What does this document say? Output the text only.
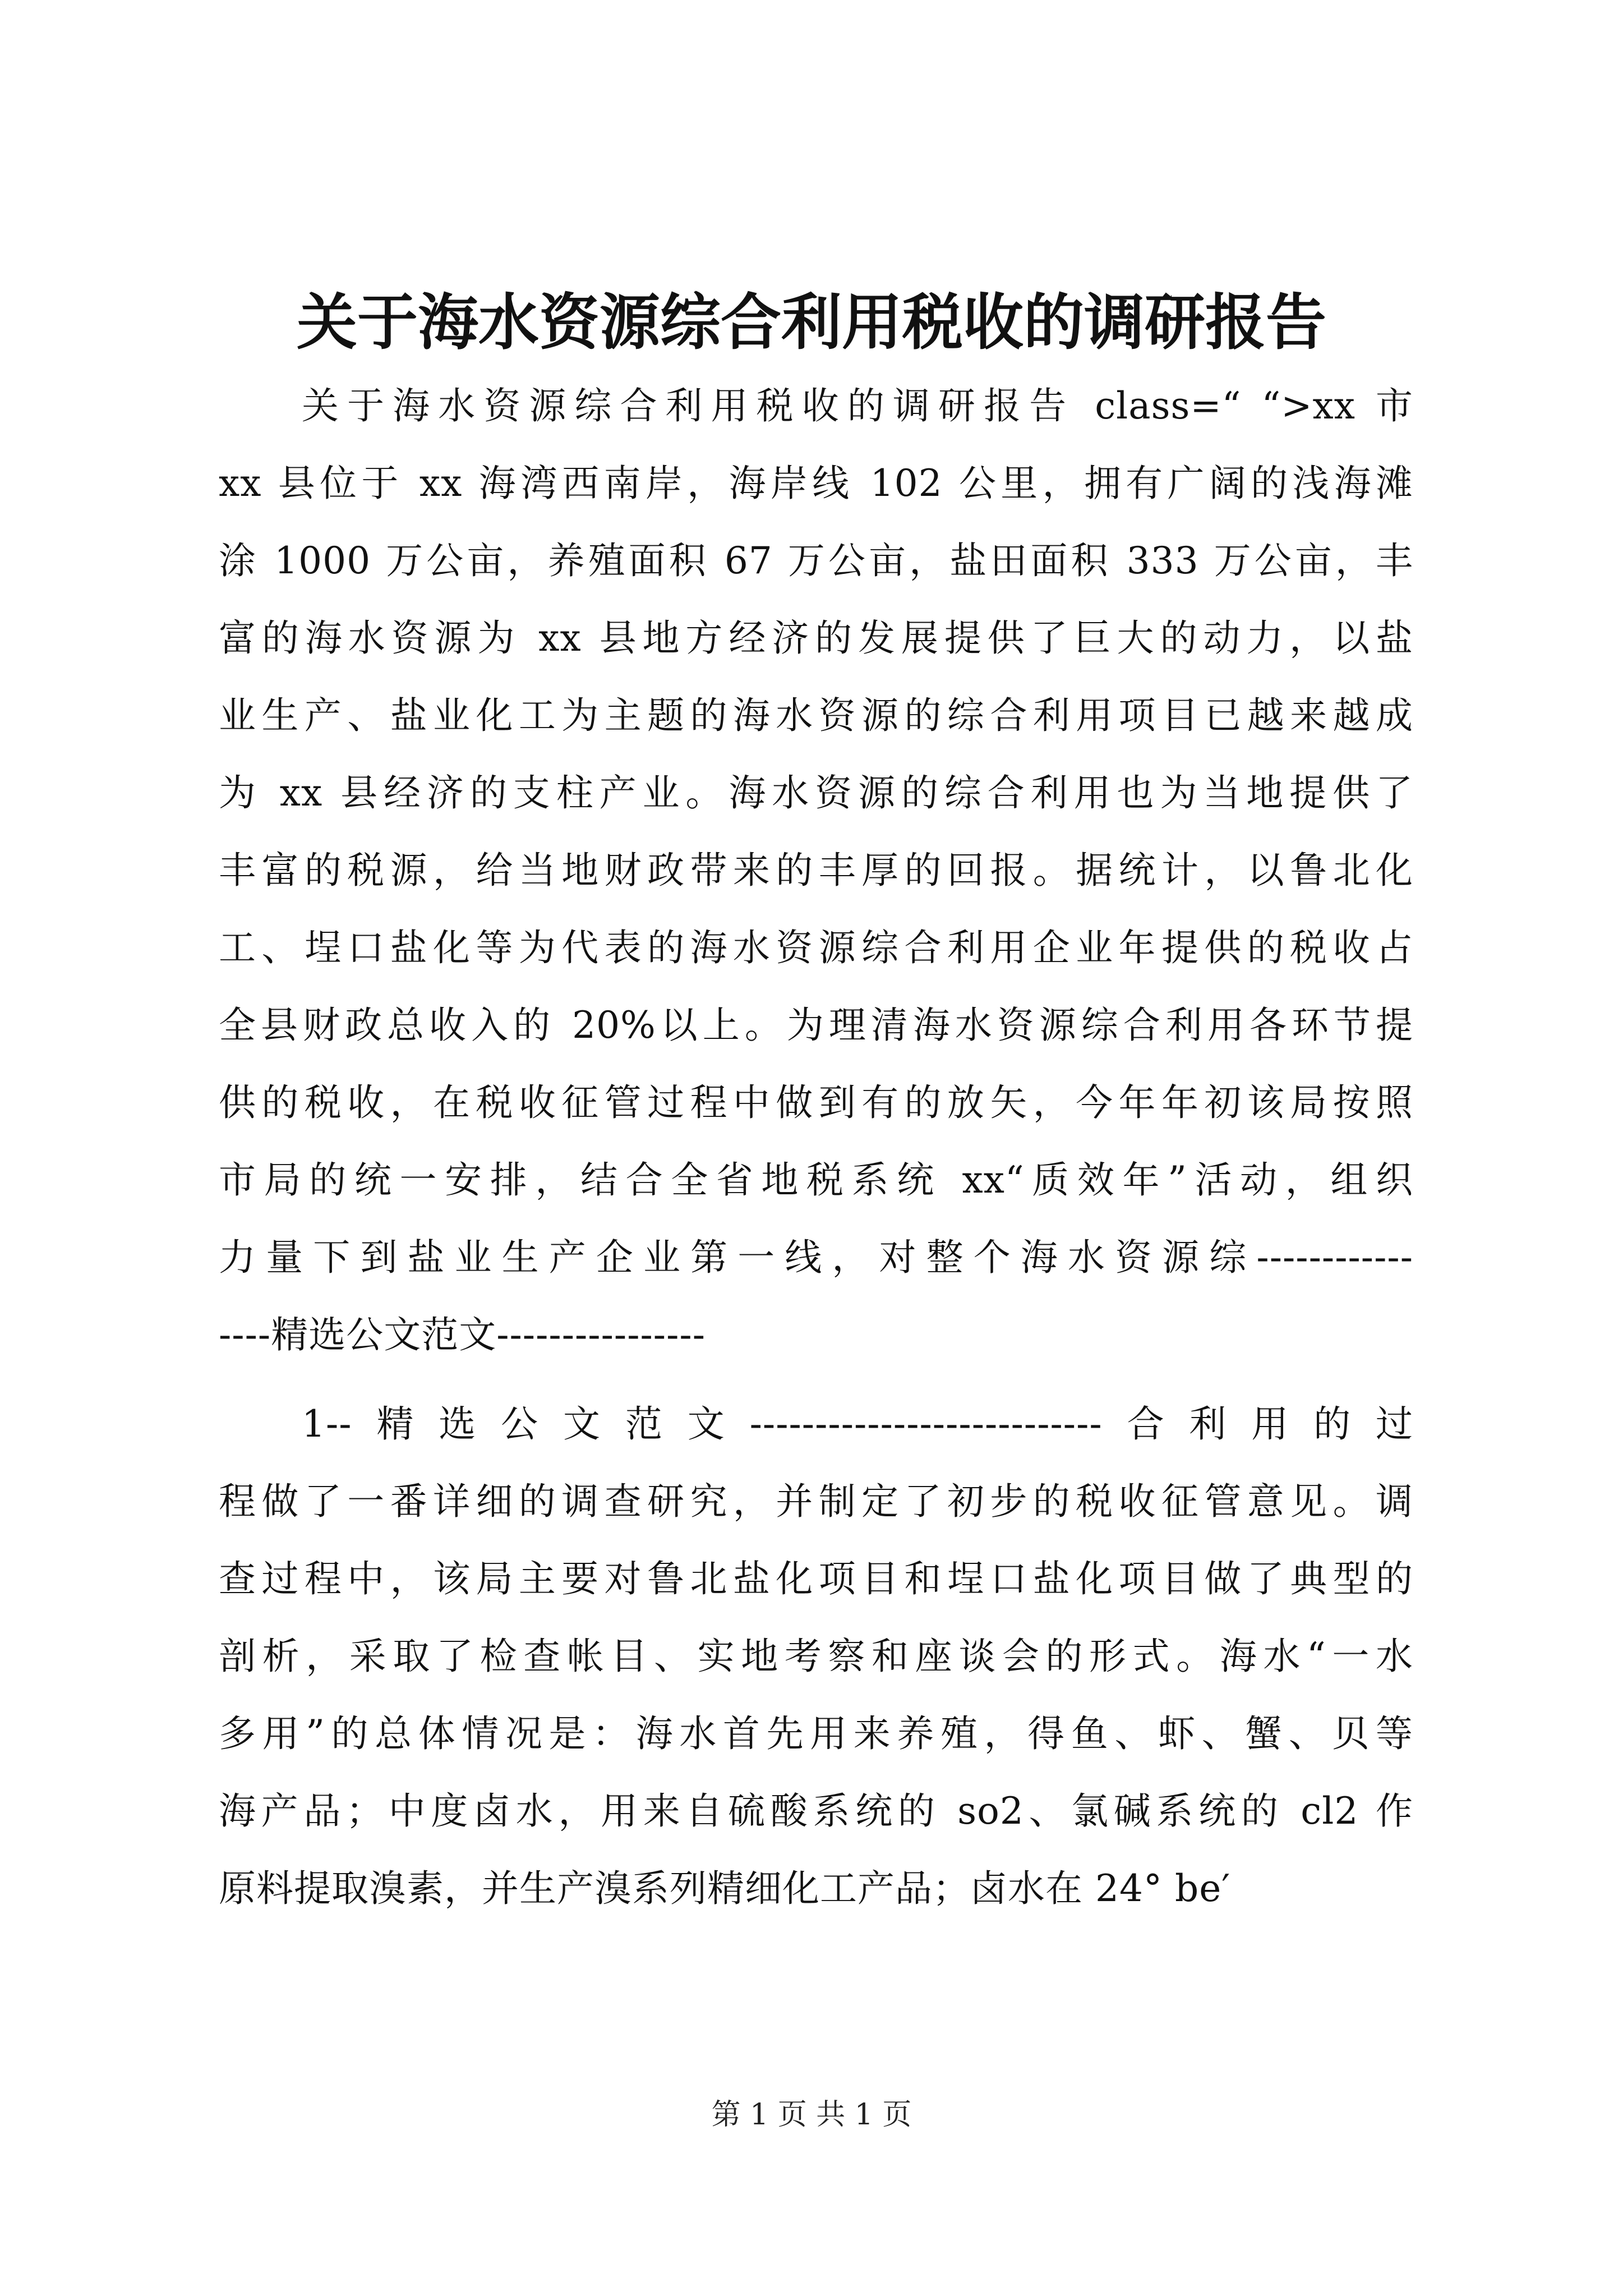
关于海水资源综合利用税收的调研报告
关于海水资源综合利用税收的调研报告 class=“ “>xx 市
xx 县位于 xx 海湾西南岸，海岸线 102 公里，拥有广阔的浅海滩
涂 1000 万公亩，养殖面积 67 万公亩，盐田面积 333 万公亩，丰
富的海水资源为 xx 县地方经济的发展提供了巨大的动力，以盐
业生产、盐业化工为主题的海水资源的综合利用项目已越来越成
为 xx 县经济的支柱产业。海水资源的综合利用也为当地提供了
丰富的税源，给当地财政带来的丰厚的回报。据统计，以鲁北化
工、埕口盐化等为代表的海水资源综合利用企业年提供的税收占
全县财政总收入的 20%以上。为理清海水资源综合利用各环节提
供的税收，在税收征管过程中做到有的放矢，今年年初该局按照
市局的统一安排，结合全省地税系统 xx“质效年”活动，组织
力量下到盐业生产企业第一线，对整个海水资源综------------
----精选公文范文----------------
1--精选公文范文---------------------------合利用的过
程做了一番详细的调查研究，并制定了初步的税收征管意见。调
查过程中，该局主要对鲁北盐化项目和埕口盐化项目做了典型的
剖析，采取了检查帐目、实地考察和座谈会的形式。海水“一水
多用”的总体情况是：海水首先用来养殖，得鱼、虾、蟹、贝等
海产品；中度卤水，用来自硫酸系统的 so2、氯碱系统的 cl2 作
原料提取溴素，并生产溴系列精细化工产品；卤水在 24° be′
第 1 页 共 1 页
